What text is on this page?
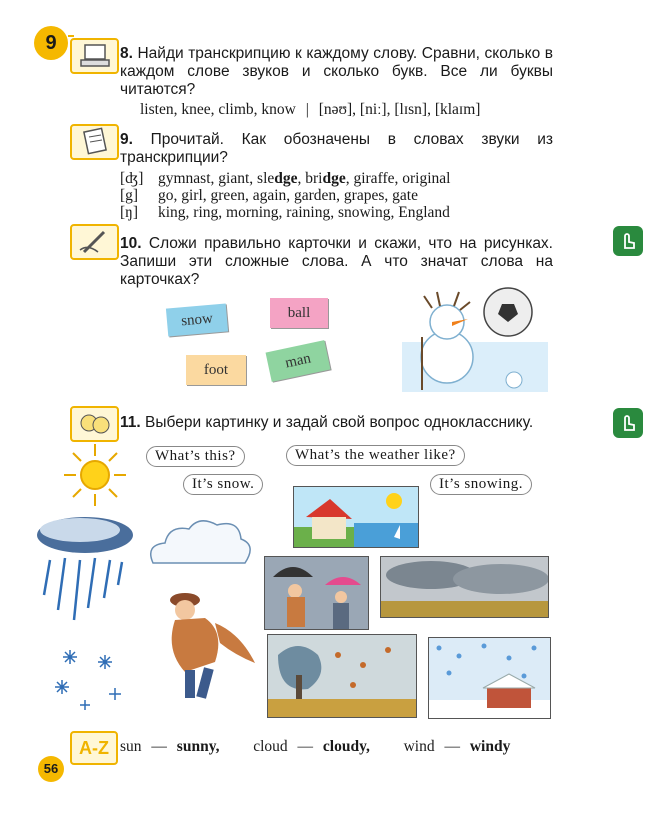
9	8. Найди транскрипцию к каждому слову. Сравни, сколько в каждом слове звуков и сколько букв. Все ли буквы читаются?
listen, knee, climb, know | [nəʊ], [niː], [lɪsn], [klaɪm]
9. Прочитай. Как обозначены в словах звуки из транскрипции?
[ʤ] gymnast, giant, sledge, bridge, giraffe, original
[g] go, girl, green, again, garden, grapes, gate
[ŋ] king, ring, morning, raining, snowing, England
10. Сложи правильно карточки и скажи, что на рисунках. Запиши эти сложные слова. А что значат слова на карточках?
snow	ball
foot	man
11. Выбери картинку и задай свой вопрос однокласснику.
What’s this?	What’s the weather like?
It’s snow.	It’s snowing.
A-Z sun — sunny, cloud — cloudy, wind — windy
56
